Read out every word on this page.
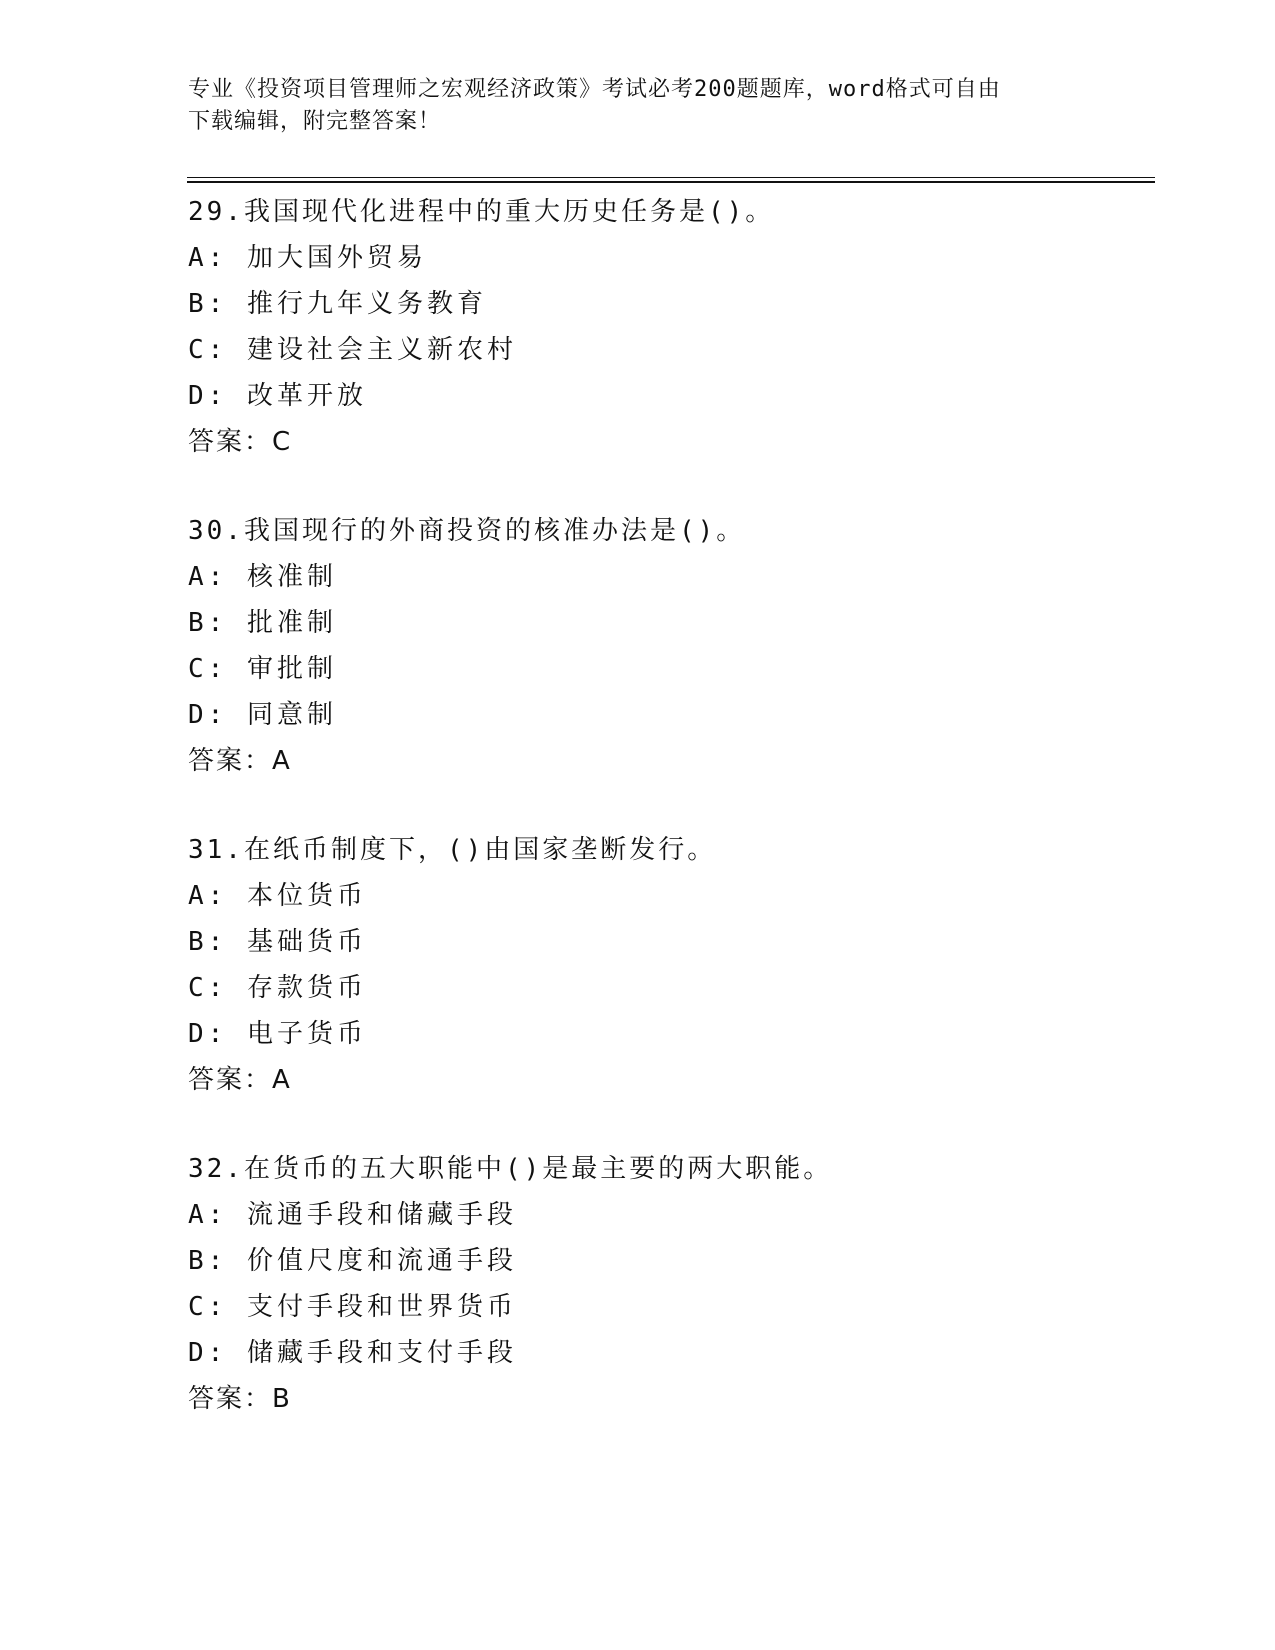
专业《投资项目管理师之宏观经济政策》考试必考200题题库，word格式可自由
下载编辑，附完整答案！
29.我国现代化进程中的重大历史任务是()。
A: 加大国外贸易
B: 推行九年义务教育
C: 建设社会主义新农村
D: 改革开放
答案：C
30.我国现行的外商投资的核准办法是()。
A: 核准制
B: 批准制
C: 审批制
D: 同意制
答案：A
31.在纸币制度下，()由国家垄断发行。
A: 本位货币
B: 基础货币
C: 存款货币
D: 电子货币
答案：A
32.在货币的五大职能中()是最主要的两大职能。
A: 流通手段和储藏手段
B: 价值尺度和流通手段
C: 支付手段和世界货币
D: 储藏手段和支付手段
答案：B
